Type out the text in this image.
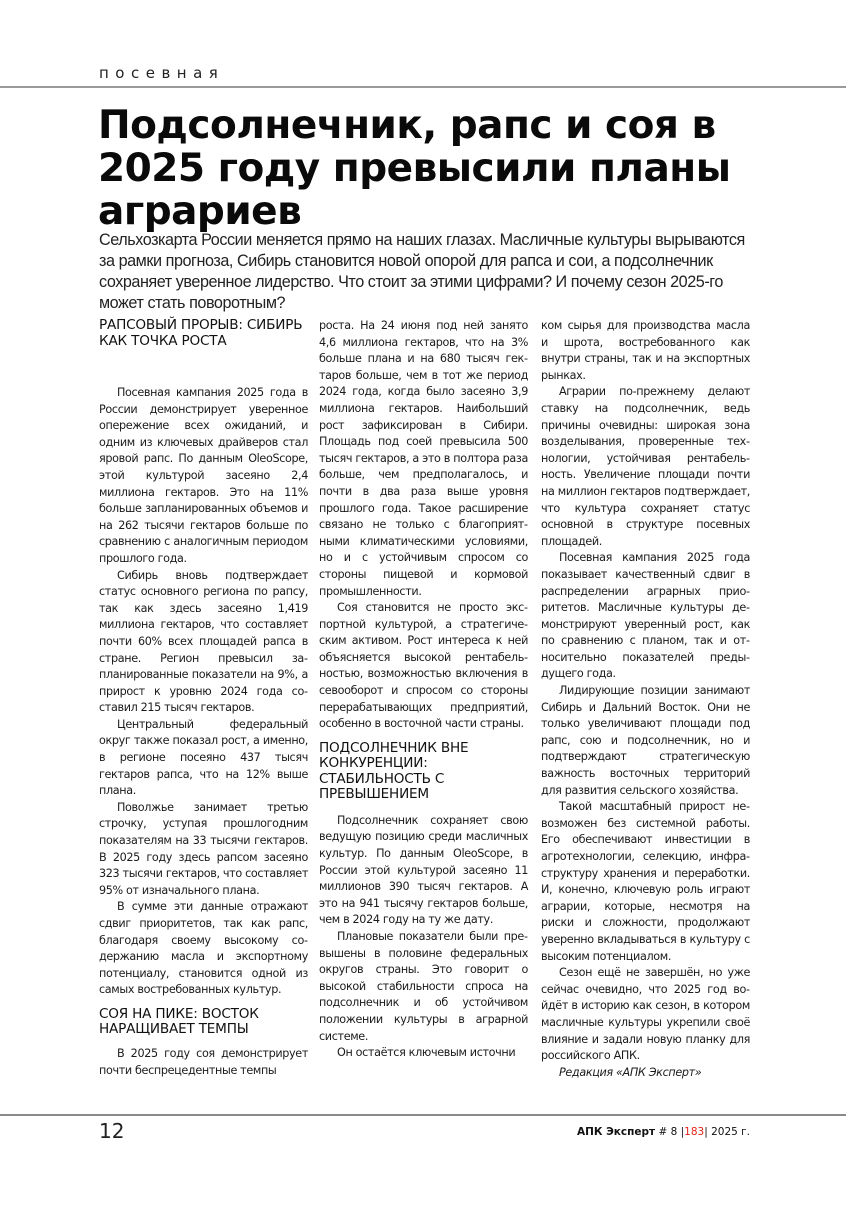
посевная
Подсолнечник, рапс и соя в 2025 году превысили планы аграриев

Сельхозкарта России меняется прямо на наших глазах. Масличные культуры вырываются за рамки прогноза, Сибирь становится новой опорой для рапса и сои, а подсолнечник сохраняет уверенное лидерство. Что стоит за этими цифрами? И почему сезон 2025-го может стать поворотным?

РАПСОВЫЙ ПРОРЫВ: СИБИРЬ КАК ТОЧКА РОСТА

Посевная кампания 2025 года в России демонстрирует уверенное опережение всех ожиданий, и одним из ключевых драйверов стал яровой рапс. По данным OleoScope, этой культурой засеяно 2,4 миллиона гектаров. Это на 11% больше запланированных объемов и на 262 тысячи гектаров больше по сравнению с аналогичным периодом прошлого года.

Сибирь вновь подтверждает статус основного региона по рапсу, так как здесь засеяно 1,419 миллиона гектаров, что составляет почти 60% всех площадей рапса в стране. Регион превысил запланированные показатели на 9%, а прирост к уровню 2024 года составил 215 тысяч гектаров.

Центральный федеральный округ также показал рост, а именно, в регионе посеяно 437 тысяч гектаров рапса, что на 12% выше плана.

Поволжье занимает третью строчку, уступая прошлогодним показателям на 33 тысячи гектаров. В 2025 году здесь рапсом засеяно 323 тысячи гектаров, что составляет 95% от изначального плана.

В сумме эти данные отражают сдвиг приоритетов, так как рапс, благодаря своему высокому содержанию масла и экспортному потенциалу, становится одной из самых востребованных культур.

СОЯ НА ПИКЕ: ВОСТОК НАРАЩИВАЕТ ТЕМПЫ

В 2025 году соя демонстрирует почти беспрецедентные темпы

роста. На 24 июня под ней занято 4,6 миллиона гектаров, что на 3% больше плана и на 680 тысяч гектаров больше, чем в тот же период 2024 года, когда было засеяно 3,9 миллиона гектаров. Наибольший рост зафиксирован в Сибири. Площадь под соей превысила 500 тысяч гектаров, а это в полтора раза больше, чем предполагалось, и почти в два раза выше уровня прошлого года. Такое расширение связано не только с благоприятными климатическими условиями, но и с устойчивым спросом со стороны пищевой и кормовой промышленности.

Соя становится не просто экспортной культурой, а стратегическим активом. Рост интереса к ней объясняется высокой рентабельностью, возможностью включения в севооборот и спросом со стороны перерабатывающих предприятий, особенно в восточной части страны.

ПОДСОЛНЕЧНИК ВНЕ КОНКУРЕНЦИИ: СТАБИЛЬНОСТЬ С ПРЕВЫШЕНИЕМ

Подсолнечник сохраняет свою ведущую позицию среди масличных культур. По данным OleoScope, в России этой культурой засеяно 11 миллионов 390 тысяч гектаров. А это на 941 тысячу гектаров больше, чем в 2024 году на ту же дату.

Плановые показатели были превышены в половине федеральных округов страны. Это говорит о высокой стабильности спроса на подсолнечник и об устойчивом положении культуры в аграрной системе.

Он остаётся ключевым источни

ком сырья для производства масла и шрота, востребованного как внутри страны, так и на экспортных рынках.

Аграрии по-прежнему делают ставку на подсолнечник, ведь причины очевидны: широкая зона возделывания, проверенные технологии, устойчивая рентабельность. Увеличение площади почти на миллион гектаров подтверждает, что культура сохраняет статус основной в структуре посевных площадей.

Посевная кампания 2025 года показывает качественный сдвиг в распределении аграрных приоритетов. Масличные культуры демонстрируют уверенный рост, как по сравнению с планом, так и относительно показателей предыдущего года.

Лидирующие позиции занимают Сибирь и Дальний Восток. Они не только увеличивают площади под рапс, сою и подсолнечник, но и подтверждают стратегическую важность восточных территорий для развития сельского хозяйства.

Такой масштабный прирост невозможен без системной работы. Его обеспечивают инвестиции в агротехнологии, селекцию, инфраструктуру хранения и переработки. И, конечно, ключевую роль играют аграрии, которые, несмотря на риски и сложности, продолжают уверенно вкладываться в культуру с высоким потенциалом.

Сезон ещё не завершён, но уже сейчас очевидно, что 2025 год войдёт в историю как сезон, в котором масличные культуры укрепили своё влияние и задали новую планку для российского АПК.

Редакция «АПК Эксперт»

12	АПК Эксперт # 8 |183| 2025 г.
